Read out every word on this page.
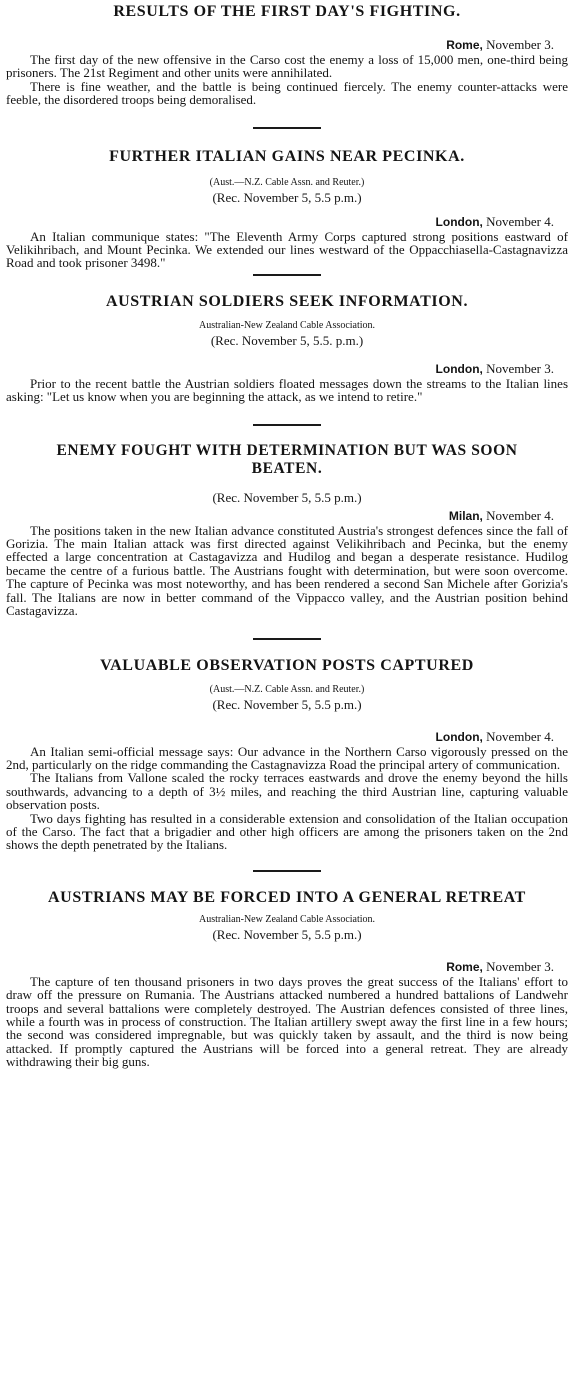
RESULTS OF THE FIRST DAY'S FIGHTING.

Rome, November 3.

The first day of the new offensive in the Carso cost the enemy a loss of 15,000 men, one-third being prisoners. The 21st Regiment and other units were annihilated.

There is fine weather, and the battle is being continued fiercely. The enemy counter-attacks were feeble, the disordered troops being demoralised.

FURTHER ITALIAN GAINS NEAR PECINKA.

(Aust.—N.Z. Cable Assn. and Reuter.)

(Rec. November 5, 5.5 p.m.)

London, November 4.

An Italian communique states: "The Eleventh Army Corps captured strong positions eastward of Velikihribach, and Mount Pecinka. We extended our lines westward of the Oppacchiasella-Castagnavizza Road and took prisoner 3498."

AUSTRIAN SOLDIERS SEEK INFORMATION.

Australian-New Zealand Cable Association.

(Rec. November 5, 5.5. p.m.)

London, November 3.

Prior to the recent battle the Austrian soldiers floated messages down the streams to the Italian lines asking: "Let us know when you are beginning the attack, as we intend to retire."

ENEMY FOUGHT WITH DETERMINATION BUT WAS SOON BEATEN.

(Rec. November 5, 5.5 p.m.)

Milan, November 4.

The positions taken in the new Italian advance constituted Austria's strongest defences since the fall of Gorizia. The main Italian attack was first directed against Velikihribach and Pecinka, but the enemy effected a large concentration at Castagavizza and Hudilog and began a desperate resistance. Hudilog became the centre of a furious battle. The Austrians fought with determination, but were soon overcome. The capture of Pecinka was most noteworthy, and has been rendered a second San Michele after Gorizia's fall. The Italians are now in better command of the Vippacco valley, and the Austrian position behind Castagavizza.

VALUABLE OBSERVATION POSTS CAPTURED

(Aust.—N.Z. Cable Assn. and Reuter.)

(Rec. November 5, 5.5 p.m.)

London, November 4.

An Italian semi-official message says: Our advance in the Northern Carso vigorously pressed on the 2nd, particularly on the ridge commanding the Castagnavizza Road the principal artery of communication.

The Italians from Vallone scaled the rocky terraces eastwards and drove the enemy beyond the hills southwards, advancing to a depth of 3½ miles, and reaching the third Austrian line, capturing valuable observation posts.

Two days fighting has resulted in a considerable extension and consolidation of the Italian occupation of the Carso. The fact that a brigadier and other high officers are among the prisoners taken on the 2nd shows the depth penetrated by the Italians.

AUSTRIANS MAY BE FORCED INTO A GENERAL RETREAT

Australian-New Zealand Cable Association.

(Rec. November 5, 5.5 p.m.)

Rome, November 3.

The capture of ten thousand prisoners in two days proves the great success of the Italians' effort to draw off the pressure on Rumania. The Austrians attacked numbered a hundred battalions of Landwehr troops and several battalions were completely destroyed. The Austrian defences consisted of three lines, while a fourth was in process of construction. The Italian artillery swept away the first line in a few hours; the second was considered impregnable, but was quickly taken by assault, and the third is now being attacked. If promptly captured the Austrians will be forced into a general retreat. They are already withdrawing their big guns.
